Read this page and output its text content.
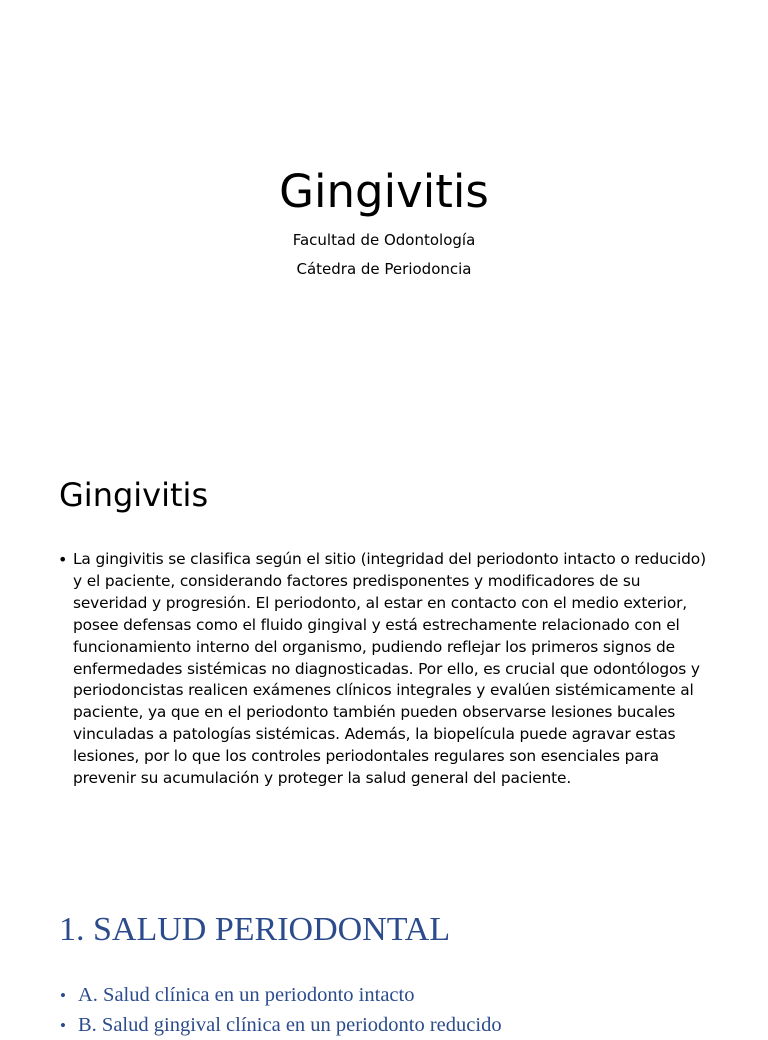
Gingivitis
Facultad de Odontología
Cátedra de Periodoncia
Gingivitis
• La gingivitis se clasifica según el sitio (integridad del periodonto intacto o reducido) y el paciente, considerando factores predisponentes y modificadores de su severidad y progresión. El periodonto, al estar en contacto con el medio exterior, posee defensas como el fluido gingival y está estrechamente relacionado con el funcionamiento interno del organismo, pudiendo reflejar los primeros signos de enfermedades sistémicas no diagnosticadas. Por ello, es crucial que odontólogos y periodoncistas realicen exámenes clínicos integrales y evalúen sistémicamente al paciente, ya que en el periodonto también pueden observarse lesiones bucales vinculadas a patologías sistémicas. Además, la biopelícula puede agravar estas lesiones, por lo que los controles periodontales regulares son esenciales para prevenir su acumulación y proteger la salud general del paciente.
1. SALUD PERIODONTAL
• A. Salud clínica en un periodonto intacto
• B. Salud gingival clínica en un periodonto reducido
